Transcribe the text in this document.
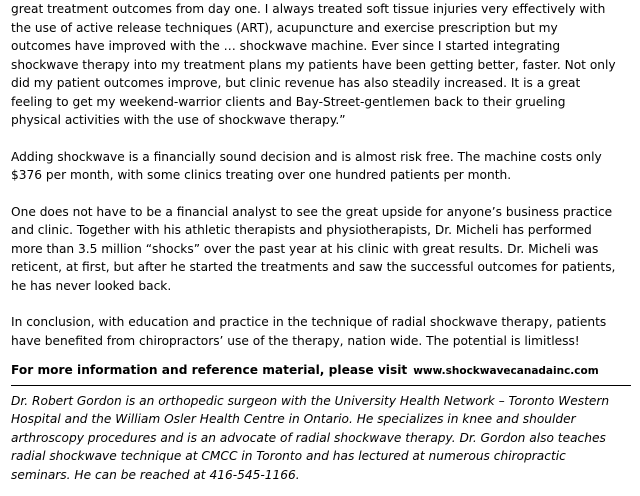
great treatment outcomes from day one. I always treated soft tissue injuries very effectively with
the use of active release techniques (ART), acupuncture and exercise prescription but my
outcomes have improved with the … shockwave machine. Ever since I started integrating
shockwave therapy into my treatment plans my patients have been getting better, faster. Not only
did my patient outcomes improve, but clinic revenue has also steadily increased. It is a great
feeling to get my weekend-warrior clients and Bay-Street-gentlemen back to their grueling
physical activities with the use of shockwave therapy.”

Adding shockwave is a financially sound decision and is almost risk free. The machine costs only
$376 per month, with some clinics treating over one hundred patients per month.

One does not have to be a financial analyst to see the great upside for anyone’s business practice
and clinic. Together with his athletic therapists and physiotherapists, Dr. Micheli has performed
more than 3.5 million “shocks” over the past year at his clinic with great results. Dr. Micheli was
reticent, at first, but after he started the treatments and saw the successful outcomes for patients,
he has never looked back.

In conclusion, with education and practice in the technique of radial shockwave therapy, patients
have benefited from chiropractors’ use of the therapy, nation wide. The potential is limitless!

For more information and reference material, please visit www.shockwavecanadainc.com

Dr. Robert Gordon is an orthopedic surgeon with the University Health Network – Toronto Western
Hospital and the William Osler Health Centre in Ontario. He specializes in knee and shoulder
arthroscopy procedures and is an advocate of radial shockwave therapy. Dr. Gordon also teaches
radial shockwave technique at CMCC in Toronto and has lectured at numerous chiropractic
seminars. He can be reached at 416-545-1166.
